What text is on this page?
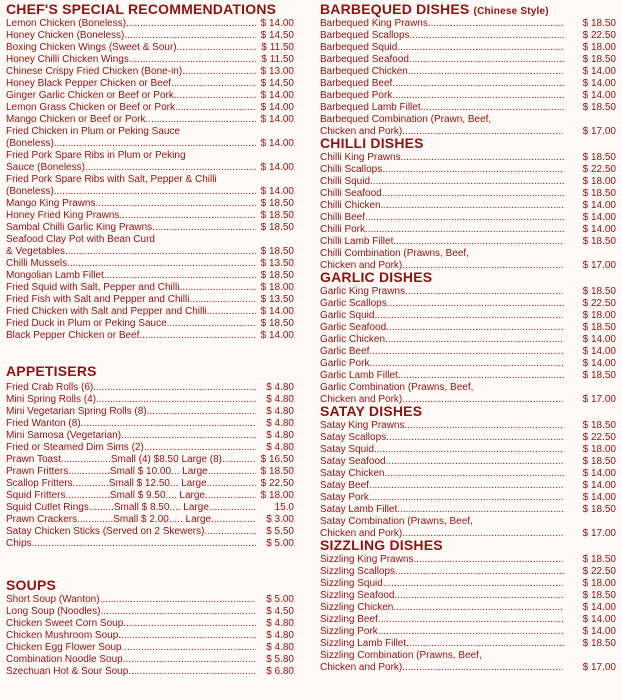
CHEF'S SPECIAL RECOMMENDATIONS
Lemon Chicken (Boneless) .....	$ 14.00
Honey Chicken (Boneless) .....	$ 14.50
Boxing Chicken Wings (Sweet & Sour) .....	$ 11.50
Honey Chilli Chicken Wings .....	$ 11.50
Chinese Crispy Fried Chicken (Bone-in) .....	$ 13.00
Honey Black Pepper Chicken or Beef .....	$ 14.50
Ginger Garlic Chicken or Beef or Pork .....	$ 14.00
Lemon Grass Chicken or Beef or Pork .....	$ 14.00
Mango Chicken or Beef or Pork .....	$ 14.00
Fried Chicken in Plum or Peking Sauce
(Boneless) .....	$ 14.00
Fried Pork Spare Ribs in Plum or Peking
Sauce (Boneless) .....	$ 14.00
Fried Pork Spare Ribs with Salt, Pepper & Chilli
(Boneless) .....	$ 14.00
Mango King Prawns .....	$ 18.50
Honey Fried King Prawns .....	$ 18.50
Sambal Chilli Garlic King Prawns .....	$ 18.50
Seafood Clay Pot with Bean Curd
& Vegetables .....	$ 18.50
Chilli Mussels .....	$ 13.50
Mongolian Lamb Fillet .....	$ 18.50
Fried Squid with Salt, Pepper and Chilli .....	$ 18.00
Fried Fish with Salt and Pepper and Chilli .....	$ 13.50
Fried Chicken with Salt and Pepper and Chilli .....	$ 14.00
Fried Duck in Plum or Peking Sauce .....	$ 18.50
Black Pepper Chicken or Beef .....	$ 14.00
APPETISERS
Fried Crab Rolls (6) .....	$ 4.80
Mini Spring Rolls (4) .....	$ 4.80
Mini Vegetarian Spring Rolls (8) .....	$ 4.80
Fried Wanton (8) .....	$ 4.80
Mini Samosa (Vegetarian) .....	$ 4.80
Fried or Steamed Dim Sims (2) .....	$ 4.80
Prawn Toast..................Small (4) $8.50 Large (8) .....	$ 16.50
Prawn Fritters...............Small $ 10.00... Large .....	$ 18.50
Scallop Fritters.............Small $ 12.50... Large .....	$ 22.50
Squid Fritters................Small $ 9.50.... Large .....	$ 18.00
Squid Cutlet Rings.........Small $ 8.50.... Large .....	15.0
Prawn Crackers.............Small $ 2.00..... Large .....	$ 3.00
Satay Chicken Sticks (Served on 2 Skewers) .....	$ 5.50
Chips .....	$ 5.00
SOUPS
Short Soup (Wanton) .....	$ 5.00
Long Soup (Noodles) .....	$ 4.50
Chicken Sweet Corn Soup .....	$ 4.80
Chicken Mushroom Soup .....	$ 4.80
Chicken Egg Flower Soup .....	$ 4.80
Combination Noodle Soup .....	$ 5.80
Szechuan Hot & Sour Soup .....	$ 6.80
BARBEQUED DISHES (Chinese Style)
Barbequed King Prawns .....	$ 18.50
Barbequed Scallops .....	$ 22.50
Barbequed Squid .....	$ 18.00
Barbequed Seafood .....	$ 18.50
Barbequed Chicken .....	$ 14.00
Barbequed Beef .....	$ 14.00
Barbequed Pork .....	$ 14.00
Barbequed Lamb Fillet .....	$ 18.50
Barbequed Combination (Prawn, Beef,
Chicken and Pork) .....	$ 17.00
CHILLI DISHES
Chilli King Prawns .....	$ 18.50
Chilli Scallops .....	$ 22.50
Chilli Squid .....	$ 18.00
Chilli Seafood .....	$ 18.50
Chilli Chicken .....	$ 14.00
Chilli Beef .....	$ 14.00
Chilli Pork .....	$ 14.00
Chilli Lamb Fillet .....	$ 18.50
Chilli Combination (Prawns, Beef,
Chicken and Pork) .....	$ 17.00
GARLIC DISHES
Garlic King Prawns .....	$ 18.50
Garlic Scallops .....	$ 22.50
Garlic Squid .....	$ 18.00
Garlic Seafood .....	$ 18.50
Garlic Chicken .....	$ 14.00
Garlic Beef .....	$ 14.00
Garlic Pork .....	$ 14.00
Garlic Lamb Fillet .....	$ 18.50
Garlic Combination (Prawns, Beef,
Chicken and Pork) .....	$ 17.00
SATAY DISHES
Satay King Prawns .....	$ 18.50
Satay Scallops .....	$ 22.50
Satay Squid .....	$ 18.00
Satay Seafood .....	$ 18.50
Satay Chicken .....	$ 14.00
Satay Beef .....	$ 14.00
Satay Pork .....	$ 14.00
Satay Lamb Fillet .....	$ 18.50
Satay Combination (Prawns, Beef,
Chicken and Pork) .....	$ 17.00
SIZZLING DISHES
Sizzling King Prawns .....	$ 18.50
Sizzling Scallops .....	$ 22.50
Sizzling Squid .....	$ 18.00
Sizzling Seafood .....	$ 18.50
Sizzling Chicken .....	$ 14.00
Sizzling Beef .....	$ 14.00
Sizzling Pork .....	$ 14.00
Sizzling Lamb Fillet .....	$ 18.50
Sizzling Combination (Prawns, Beef,
Chicken and Pork) .....	$ 17.00
